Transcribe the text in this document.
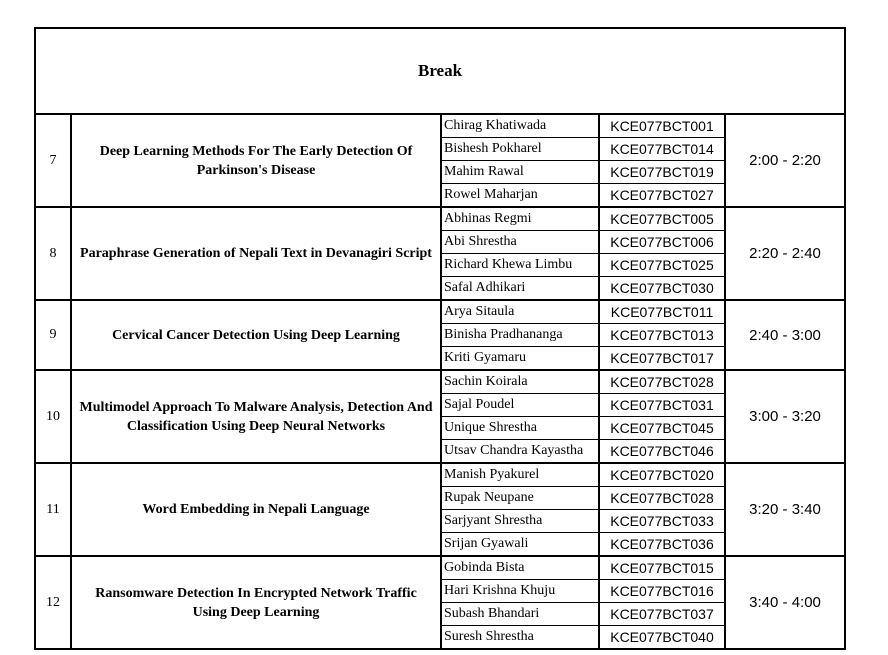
Break				
7	Deep Learning Methods For The Early Detection Of Parkinson's Disease	Chirag Khatiwada	KCE077BCT001	2:00 - 2:20
		Bishesh Pokharel	KCE077BCT014	
		Mahim Rawal	KCE077BCT019	
		Rowel Maharjan	KCE077BCT027	
8	Paraphrase Generation of Nepali Text in Devanagiri Script	Abhinas Regmi	KCE077BCT005	2:20 - 2:40
		Abi Shrestha	KCE077BCT006	
		Richard Khewa Limbu	KCE077BCT025	
		Safal Adhikari	KCE077BCT030	
9	Cervical Cancer Detection Using Deep Learning	Arya Sitaula	KCE077BCT011	2:40 - 3:00
		Binisha Pradhananga	KCE077BCT013	
		Kriti Gyamaru	KCE077BCT017	
10	Multimodel Approach To Malware Analysis, Detection And Classification Using Deep Neural Networks	Sachin Koirala	KCE077BCT028	3:00 - 3:20
		Sajal Poudel	KCE077BCT031	
		Unique Shrestha	KCE077BCT045	
		Utsav Chandra Kayastha	KCE077BCT046	
11	Word Embedding in Nepali Language	Manish Pyakurel	KCE077BCT020	3:20 - 3:40
		Rupak Neupane	KCE077BCT028	
		Sarjyant Shrestha	KCE077BCT033	
		Srijan Gyawali	KCE077BCT036	
12	Ransomware Detection In Encrypted Network Traffic Using Deep Learning	Gobinda Bista	KCE077BCT015	3:40 - 4:00
		Hari Krishna Khuju	KCE077BCT016	
		Subash Bhandari	KCE077BCT037	
		Suresh Shrestha	KCE077BCT040	
